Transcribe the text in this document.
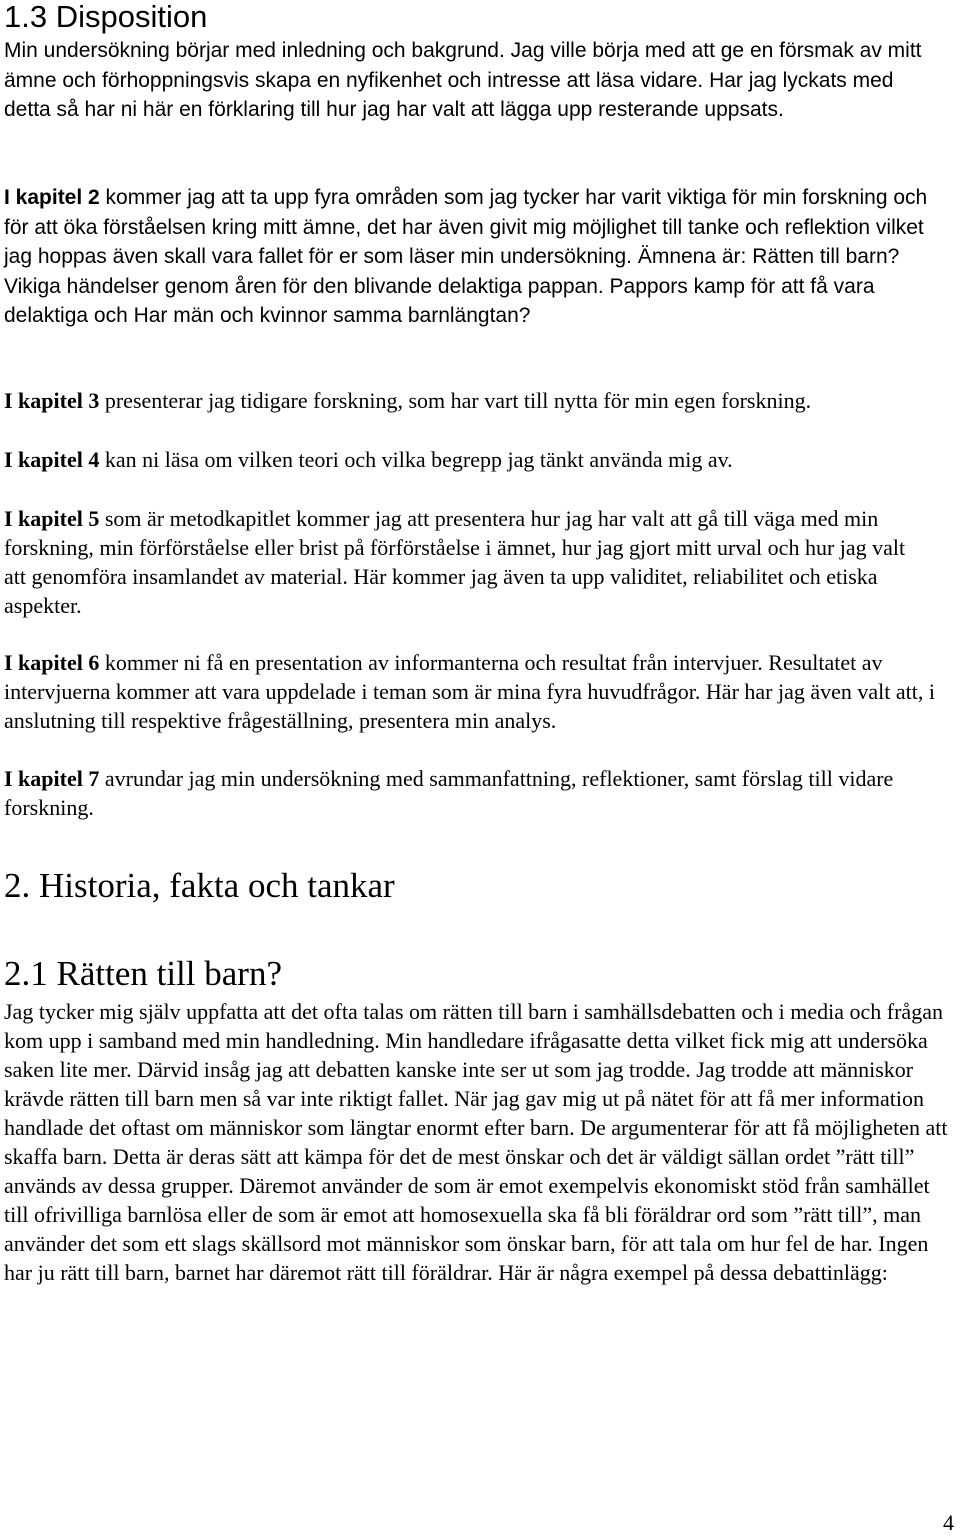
1.3 Disposition

Min undersökning börjar med inledning och bakgrund. Jag ville börja med att ge en försmak av mitt ämne och förhoppningsvis skapa en nyfikenhet och intresse att läsa vidare. Har jag lyckats med detta så har ni här en förklaring till hur jag har valt att lägga upp resterande uppsats.

I kapitel 2 kommer jag att ta upp fyra områden som jag tycker har varit viktiga för min forskning och för att öka förståelsen kring mitt ämne, det har även givit mig möjlighet till tanke och reflektion vilket jag hoppas även skall vara fallet för er som läser min undersökning. Ämnena är: Rätten till barn? Vikiga händelser genom åren för den blivande delaktiga pappan. Pappors kamp för att få vara delaktiga och Har män och kvinnor samma barnlängtan?

I kapitel 3 presenterar jag tidigare forskning, som har vart till nytta för min egen forskning.

I kapitel 4 kan ni läsa om vilken teori och vilka begrepp jag tänkt använda mig av.

I kapitel 5 som är metodkapitlet kommer jag att presentera hur jag har valt att gå till väga med min forskning, min förförståelse eller brist på förförståelse i ämnet, hur jag gjort mitt urval och hur jag valt att genomföra insamlandet av material. Här kommer jag även ta upp validitet, reliabilitet och etiska aspekter.

I kapitel 6 kommer ni få en presentation av informanterna och resultat från intervjuer. Resultatet av intervjuerna kommer att vara uppdelade i teman som är mina fyra huvudfrågor. Här har jag även valt att, i anslutning till respektive frågeställning, presentera min analys.

I kapitel 7 avrundar jag min undersökning med sammanfattning, reflektioner, samt förslag till vidare forskning.

2. Historia, fakta och tankar
2.1 Rätten till barn?

Jag tycker mig själv uppfatta att det ofta talas om rätten till barn i samhällsdebatten och i media och frågan kom upp i samband med min handledning. Min handledare ifrågasatte detta vilket fick mig att undersöka saken lite mer. Därvid insåg jag att debatten kanske inte ser ut som jag trodde. Jag trodde att människor krävde rätten till barn men så var inte riktigt fallet. När jag gav mig ut på nätet för att få mer information handlade det oftast om människor som längtar enormt efter barn. De argumenterar för att få möjligheten att skaffa barn. Detta är deras sätt att kämpa för det de mest önskar och det är väldigt sällan ordet ”rätt till” används av dessa grupper. Däremot använder de som är emot exempelvis ekonomiskt stöd från samhället till ofrivilliga barnlösa eller de som är emot att homosexuella ska få bli föräldrar ord som ”rätt till”, man använder det som ett slags skällsord mot människor som önskar barn, för att tala om hur fel de har. Ingen har ju rätt till barn, barnet har däremot rätt till föräldrar. Här är några exempel på dessa debattinlägg:

4
